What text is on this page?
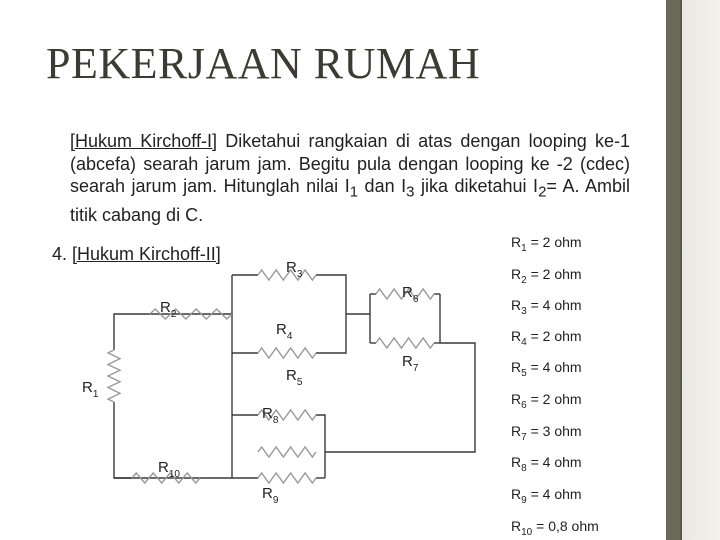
PEKERJAAN RUMAH
[Hukum Kirchoff-I] Diketahui rangkaian di atas dengan looping ke-1 (abcefa) searah jarum jam. Begitu pula dengan looping ke -2 (cdec) searah jarum jam. Hitunglah nilai $I_1$ dan $I_3$ jika diketahui $I_2= A$. Ambil titik cabang di C.
4. [Hukum Kirchoff-II]
$R_1 = 2$ ohm
$R_2 = 2$ ohm
$R_3 = 4$ ohm
$R_4 = 2$ ohm
$R_5 = 4$ ohm
$R_6 = 2$ ohm
$R_7 = 3$ ohm
$R_8 = 4$ ohm
$R_9 = 4$ ohm
$R_{10} = 0,8$ ohm
$R_1$
$R_2$
$R_3$
$R_4$
$R_5$
$R_6$
$R_7$
$R_8$
$R_9$
$R_{10}$
